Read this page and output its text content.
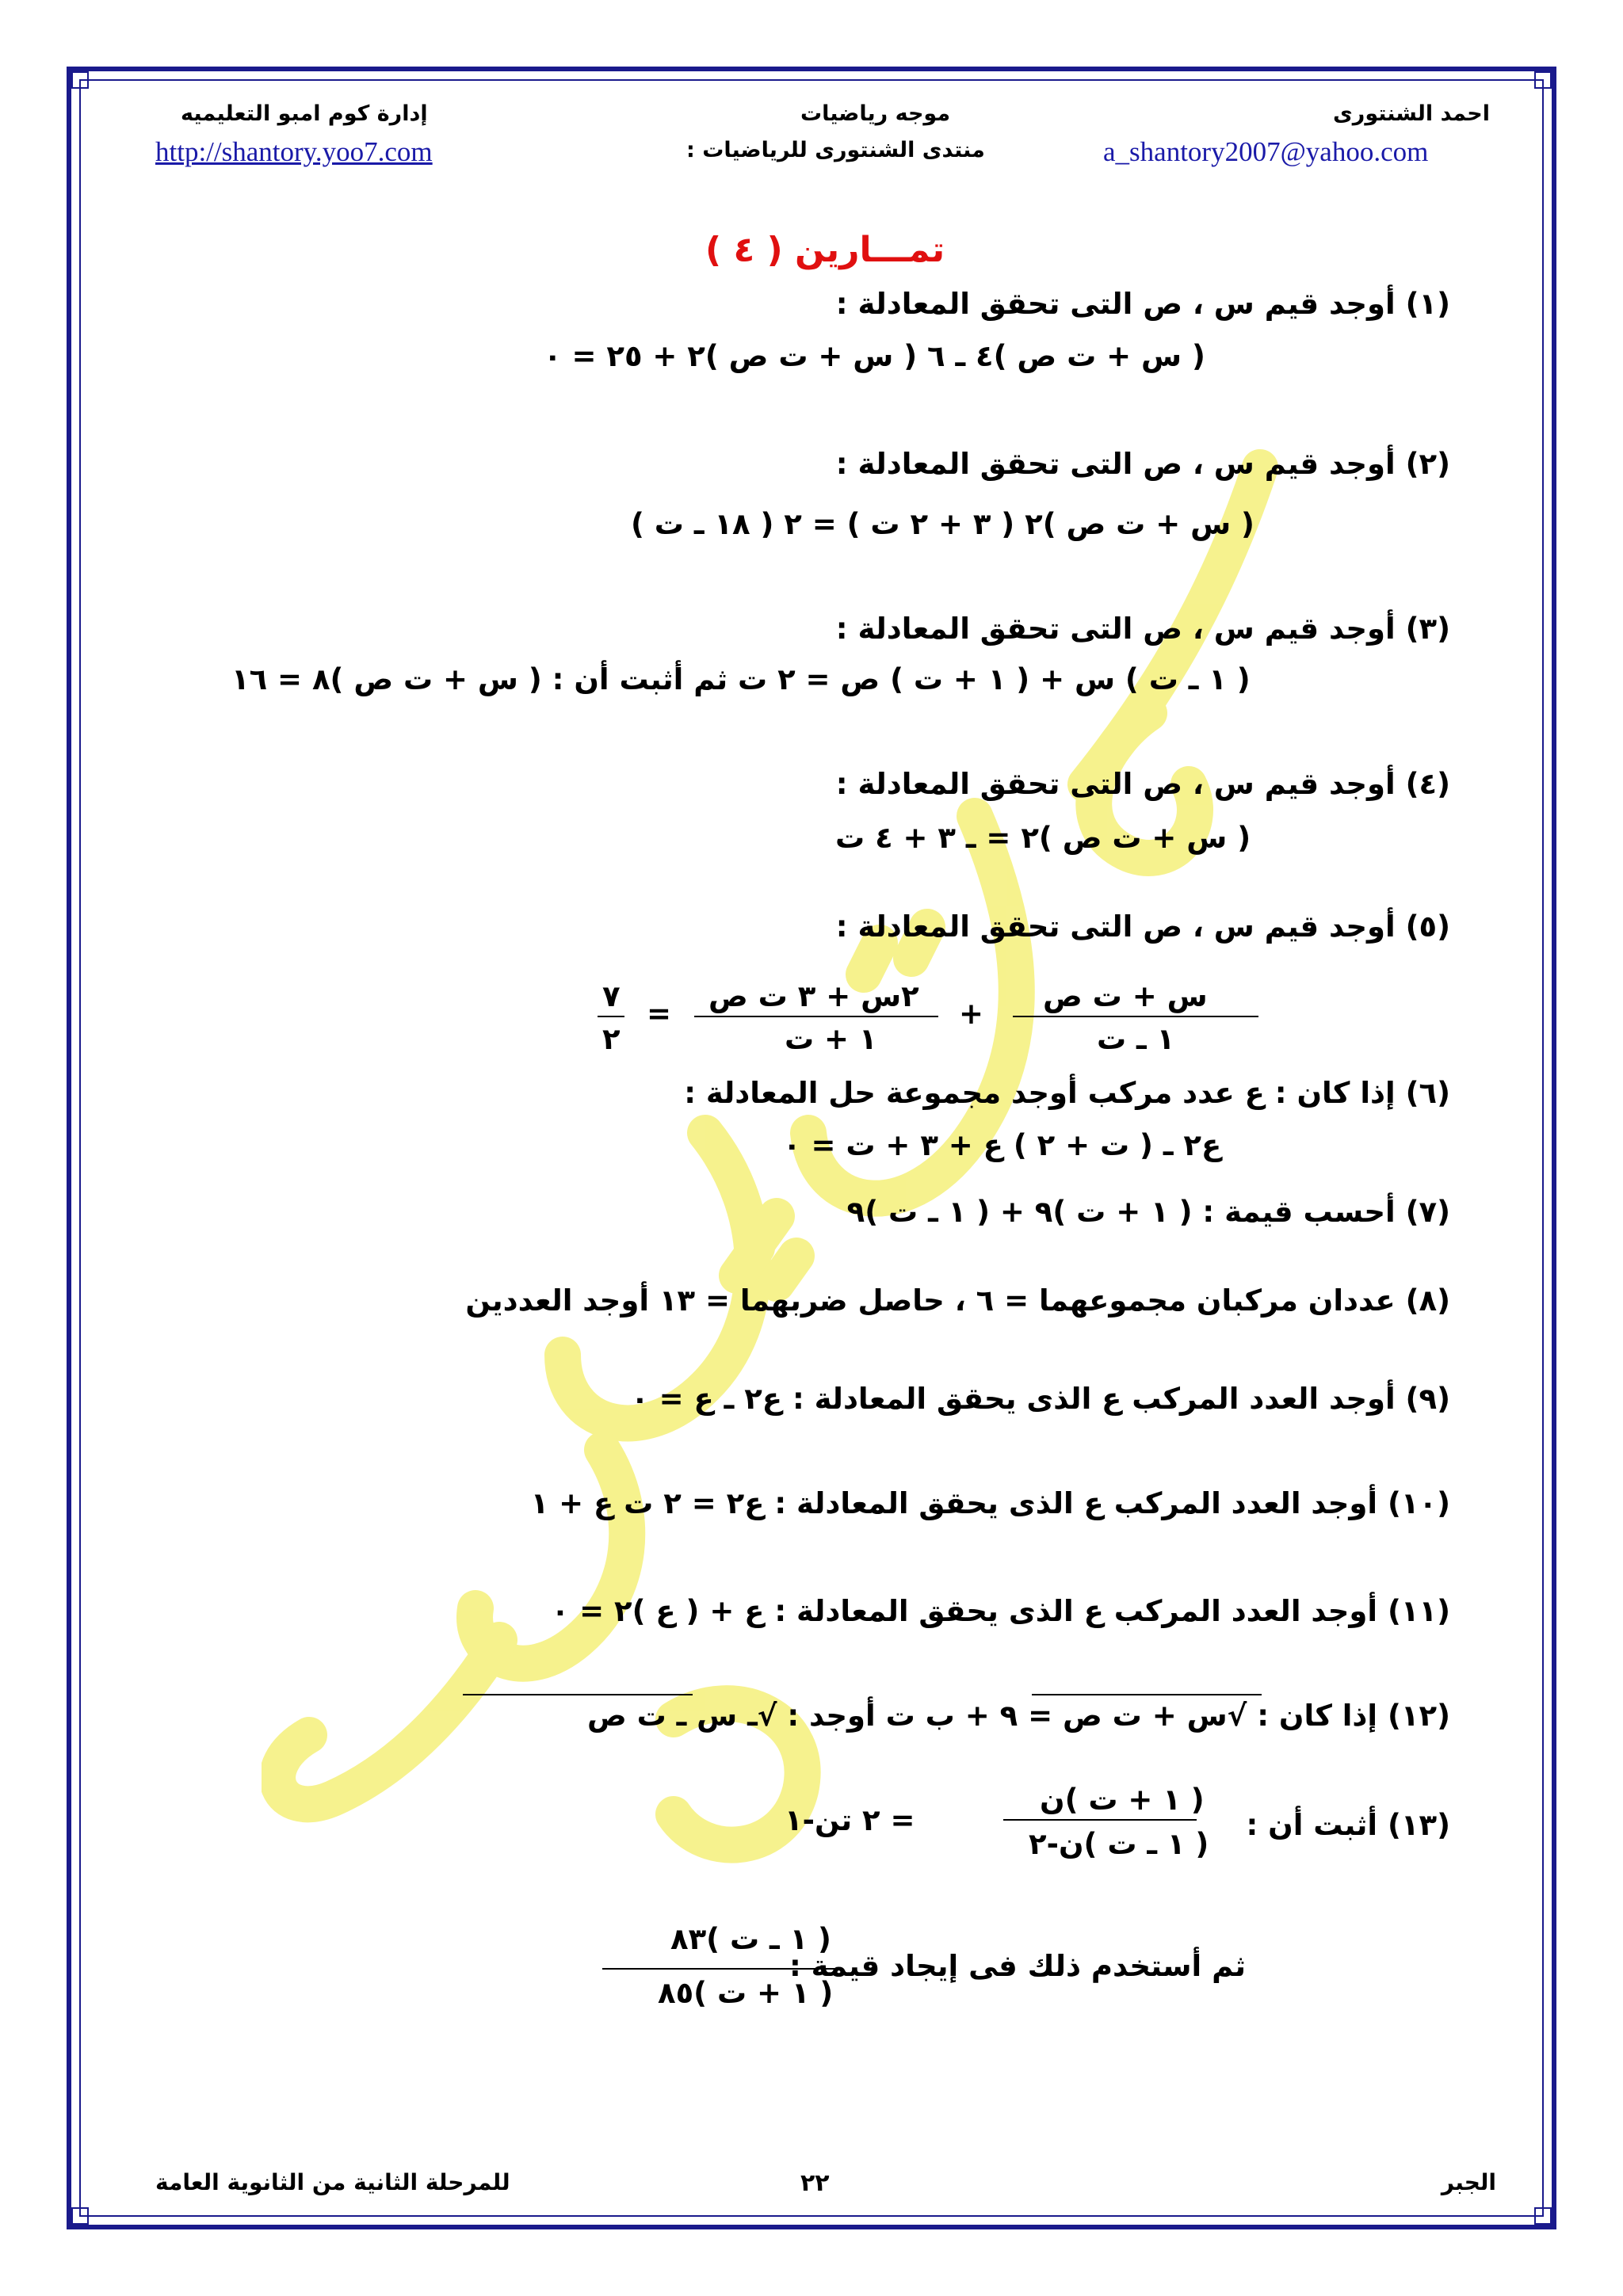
احمد الشنتورى
a_shantory2007@yahoo.com
موجه رياضيات
منتدى الشنتورى للرياضيات :
إدارة كوم امبو التعليميه
http://shantory.yoo7.com
تمـــارين ( ٤ )
(١) أوجد قيم س ، ص التى تحقق المعادلة :
( س + ت ص )٤ ـ ٦ ( س + ت ص )٢ + ٢٥ = ٠
(٢) أوجد قيم س ، ص التى تحقق المعادلة :
( س + ت ص )٢ ( ٣ + ٢ ت ) = ٢ ( ١٨ ـ ت )
(٣) أوجد قيم س ، ص التى تحقق المعادلة :
( ١ ـ ت ) س + ( ١ + ت ) ص = ٢ ت ثم أثبت أن : ( س + ت ص )٨ = ١٦
(٤) أوجد قيم س ، ص التى تحقق المعادلة :
( س + ت ص )٢ = ـ ٣ + ٤ ت
(٥) أوجد قيم س ، ص التى تحقق المعادلة :
س + ت ص
١ ـ ت
+
٢س + ٣ ت ص
١ + ت
=
٧
٢
(٦) إذا كان : ع عدد مركب أوجد مجموعة حل المعادلة :
ع٢ ـ ( ت + ٢ ) ع + ٣ + ت = ٠
(٧) أحسب قيمة : ( ١ + ت )٩ + ( ١ ـ ت )٩
(٨) عددان مركبان مجموعهما = ٦ ، حاصل ضربهما = ١٣ أوجد العددين
(٩) أوجد العدد المركب ع الذى يحقق المعادلة : ع٢ ـ ع = ٠
(١٠) أوجد العدد المركب ع الذى يحقق المعادلة : ع٢ = ٢ ت ع + ١
(١١) أوجد العدد المركب ع الذى يحقق المعادلة : ع + ( ع )٢ = ٠
(١٢) إذا كان : √س + ت ص = ٩ + ب ت أوجد : √ـ س ـ ت ص
(١٣) أثبت أن :
( ١ + ت )ن
( ١ ـ ت )ن-٢
= ٢ تن-١
ثم أستخدم ذلك فى إيجاد قيمة :
( ١ ـ ت )٨٣
( ١ + ت )٨٥
الجبر
٢٢
للمرحلة الثانية من الثانوية العامة
